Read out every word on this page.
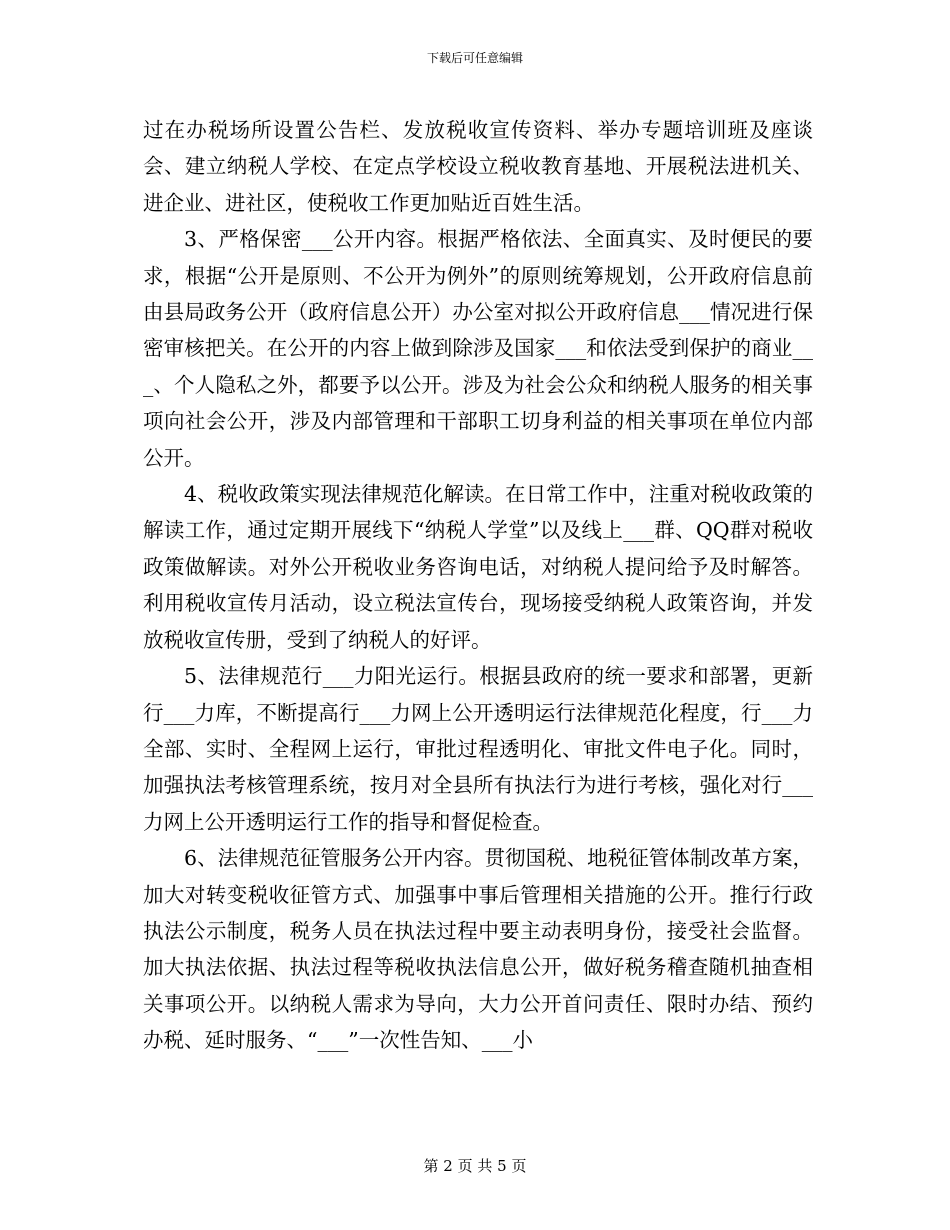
下载后可任意编辑

过在办税场所设置公告栏、发放税收宣传资料、举办专题培训班及座谈会、建立纳税人学校、在定点学校设立税收教育基地、开展税法进机关、进企业、进社区，使税收工作更加贴近百姓生活。

3、严格保密___公开内容。根据严格依法、全面真实、及时便民的要求，根据“公开是原则、不公开为例外”的原则统筹规划，公开政府信息前由县局政务公开（政府信息公开）办公室对拟公开政府信息___情况进行保密审核把关。在公开的内容上做到除涉及国家___和依法受到保护的商业___、个人隐私之外，都要予以公开。涉及为社会公众和纳税人服务的相关事项向社会公开，涉及内部管理和干部职工切身利益的相关事项在单位内部公开。

4、税收政策实现法律规范化解读。在日常工作中，注重对税收政策的解读工作，通过定期开展线下“纳税人学堂”以及线上___群、QQ群对税收政策做解读。对外公开税收业务咨询电话，对纳税人提问给予及时解答。利用税收宣传月活动，设立税法宣传台，现场接受纳税人政策咨询，并发放税收宣传册，受到了纳税人的好评。

5、法律规范行___力阳光运行。根据县政府的统一要求和部署，更新行___力库，不断提高行___力网上公开透明运行法律规范化程度，行___力全部、实时、全程网上运行，审批过程透明化、审批文件电子化。同时，加强执法考核管理系统，按月对全县所有执法行为进行考核，强化对行___力网上公开透明运行工作的指导和督促检查。

6、法律规范征管服务公开内容。贯彻国税、地税征管体制改革方案，加大对转变税收征管方式、加强事中事后管理相关措施的公开。推行行政执法公示制度，税务人员在执法过程中要主动表明身份，接受社会监督。加大执法依据、执法过程等税收执法信息公开，做好税务稽查随机抽查相关事项公开。以纳税人需求为导向，大力公开首问责任、限时办结、预约办税、延时服务、“___”一次性告知、___小

第 2 页 共 5 页
